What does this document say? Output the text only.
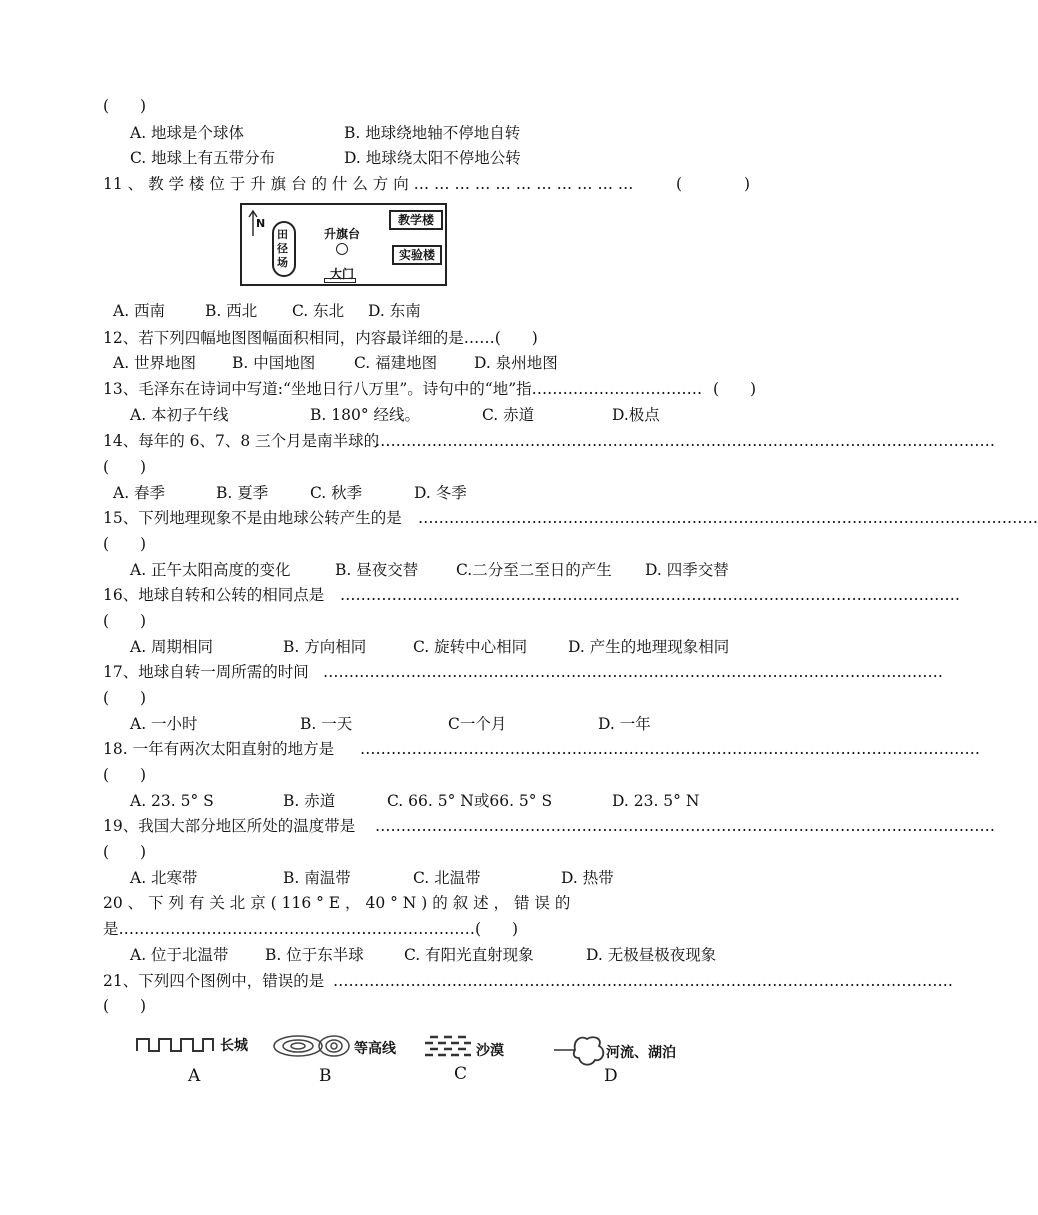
(　　)
A. 地球是个球体	B. 地球绕地轴不停地自转
C. 地球上有五带分布	D. 地球绕太阳不停地公转
11 、 教 学 楼 位 于 升 旗 台 的 什 么 方 向 … … … … … … … … … … …	(　　　　)
N
田径场
升旗台
教学楼
实验楼
大门
A. 西南	B. 西北 C. 东北 D. 东南
12、若下列四幅地图图幅面积相同，内容最详细的是……(　　)
A. 世界地图 B. 中国地图	C. 福建地图 D. 泉州地图
13、毛泽东在诗词中写道:“坐地日行八万里”。诗句中的“地”指…………………………… (　　)
A. 本初子午线	B. 180° 经线。	C. 赤道	D.极点
14、每年的 6、7、8 三个月是南半球的
…………………………………………………………………………………………………………
(　　)
A. 春季	B. 夏季	C. 秋季	D. 冬季
15、下列地理现象不是由地球公转产生的是 …………………………………………………………………………………………………………
(　　)
A. 正午太阳高度的变化	B. 昼夜交替 C.二分至二至日的产生 D. 四季交替
16、地球自转和公转的相同点是 …………………………………………………………………………………………………………
(　　)
A. 周期相同	B. 方向相同	C. 旋转中心相同	D. 产生的地理现象相同
17、地球自转一周所需的时间 …………………………………………………………………………………………………………
(　　)
A. 一小时	B. 一天	C一个月	D. 一年
18. 一年有两次太阳直射的地方是 …………………………………………………………………………………………………………
(　　)
A. 23. 5° S	B. 赤道	C. 66. 5° N或66. 5° S	D. 23. 5° N
19、我国大部分地区所处的温度带是 …………………………………………………………………………………………………………
(　　)
A. 北寒带	B. 南温带	C. 北温带	D. 热带
20 、 下 列 有 关 北 京 ( 116 ° E ， 40 ° N ) 的 叙 述 ， 错 误 的
是……………………………………………………………(　　)
A. 位于北温带 B. 位于东半球	C. 有阳光直射现象	D. 无极昼极夜现象
21、下列四个图例中，错误的是 …………………………………………………………………………………………………………
(　　)
长城
A
等高线
B
沙漠
C
河流、湖泊
D
